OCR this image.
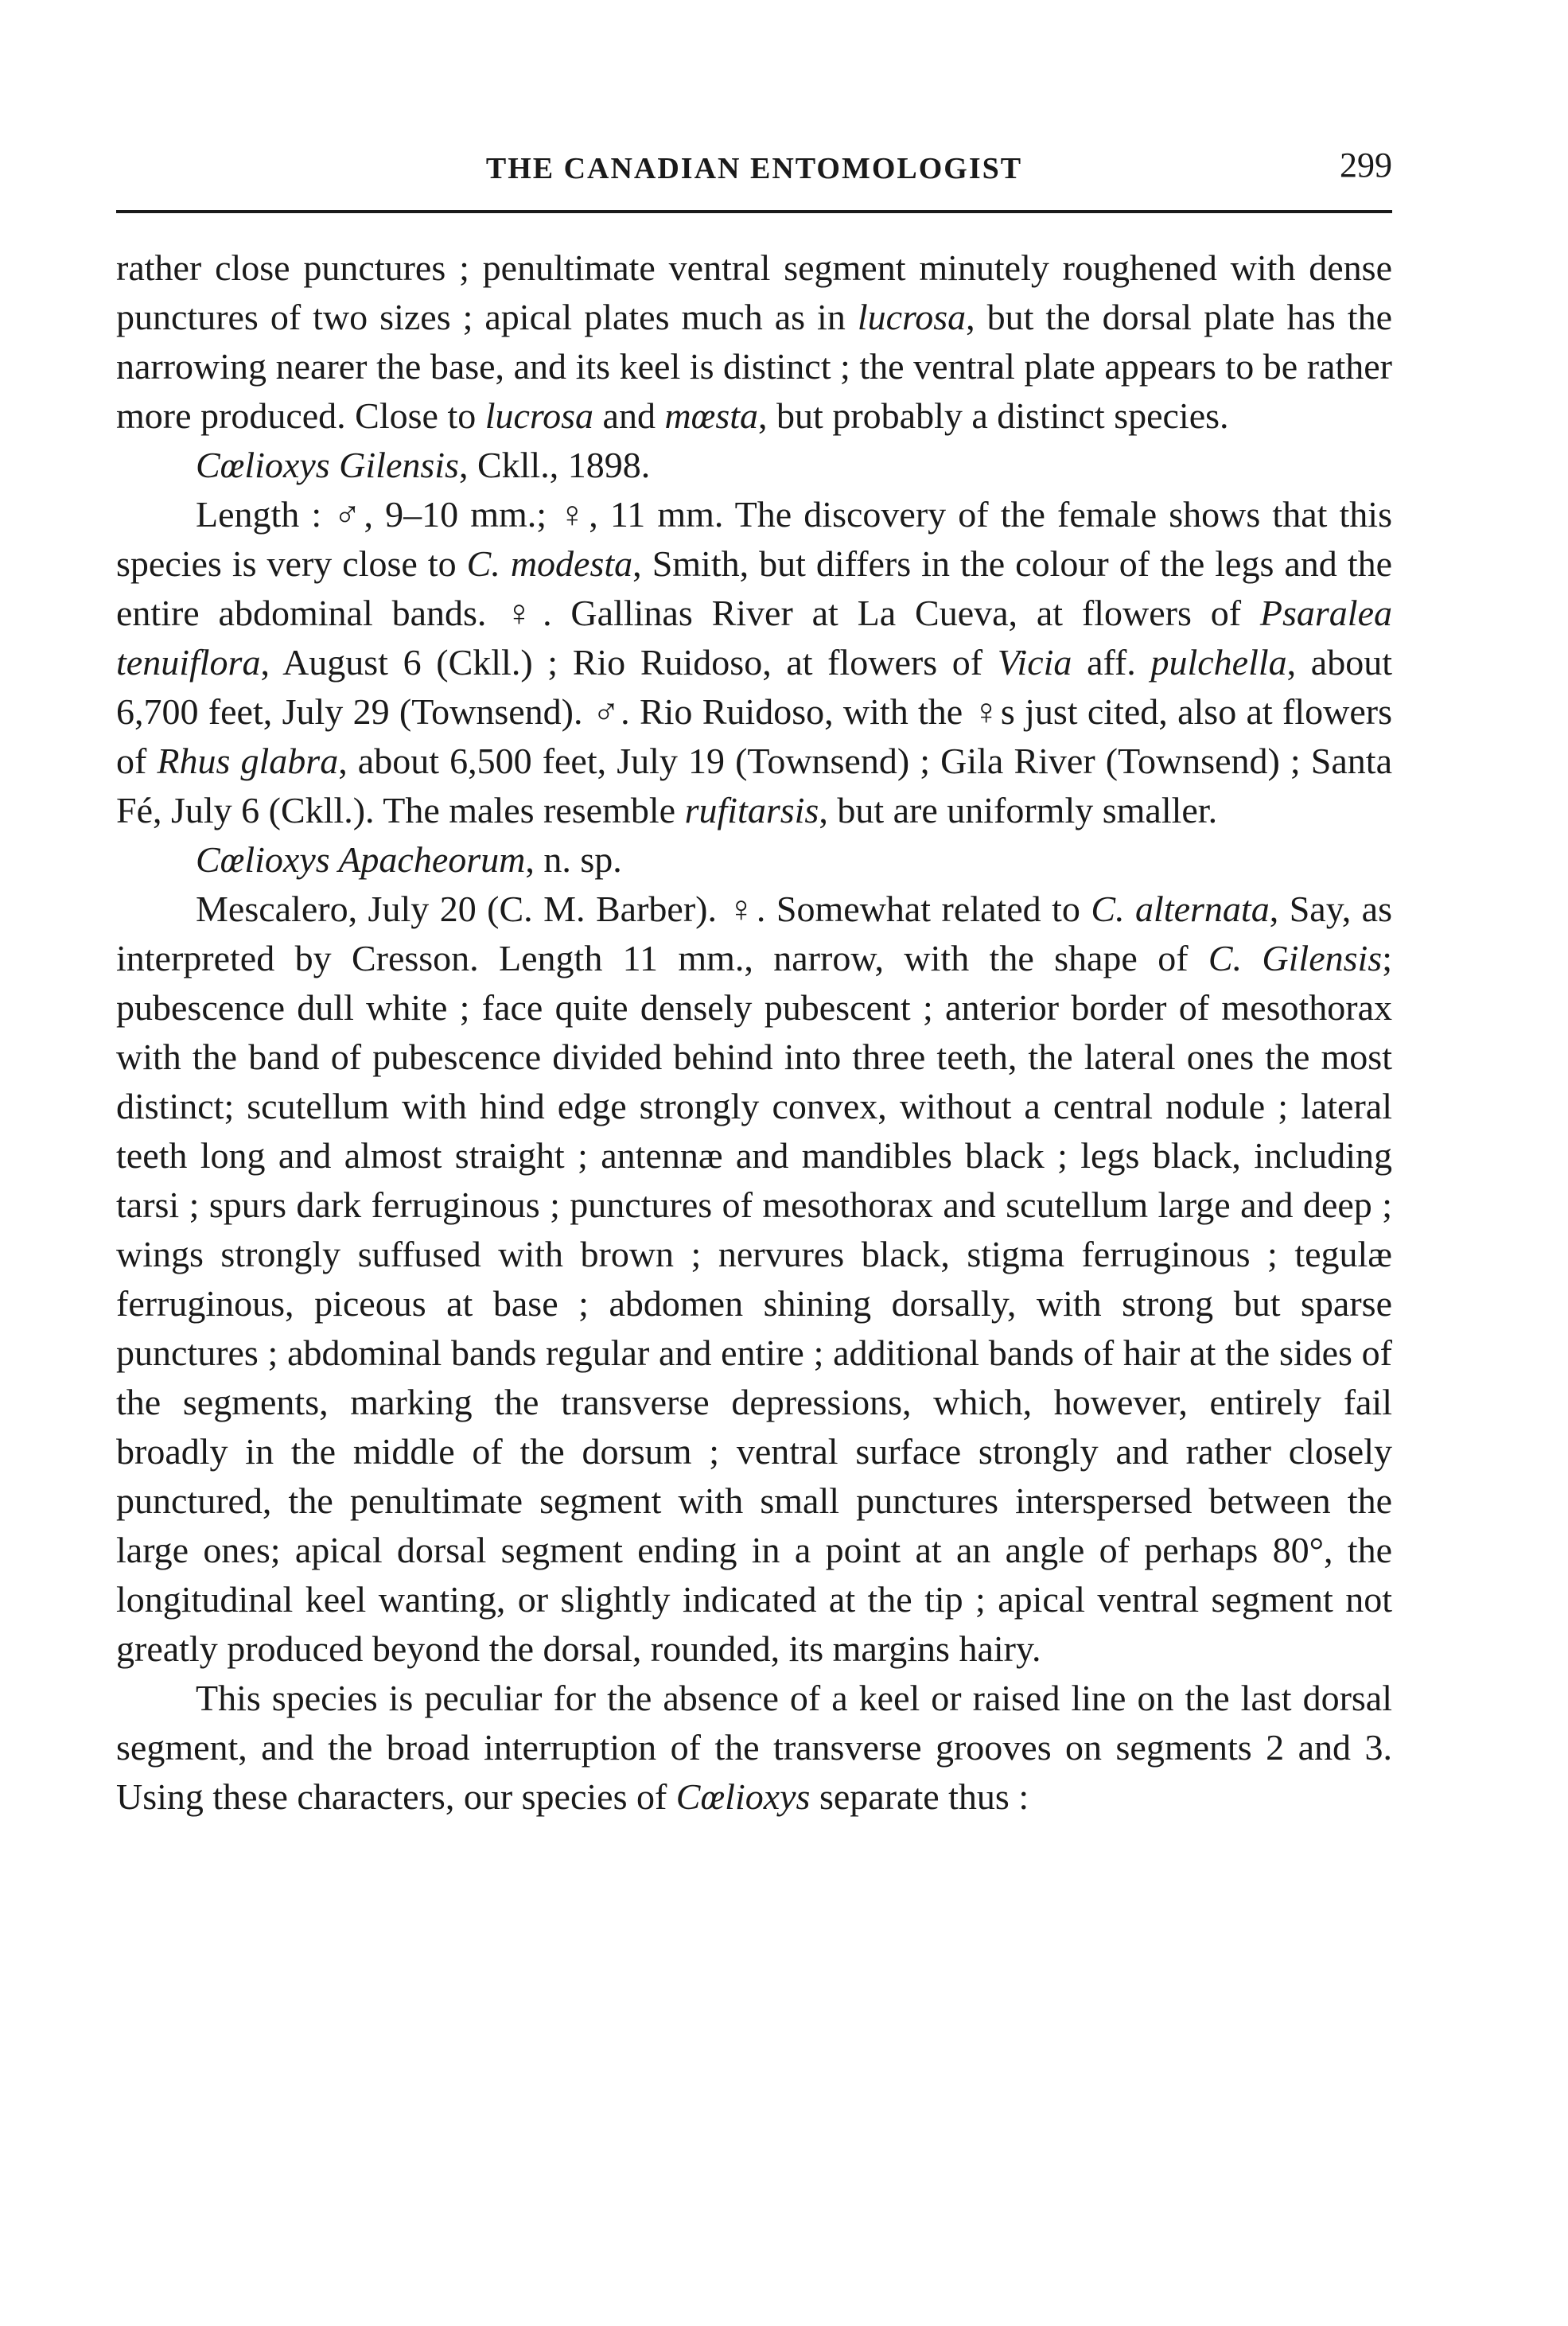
THE CANADIAN ENTOMOLOGIST	299

rather close punctures ; penultimate ventral segment minutely roughened with dense punctures of two sizes ; apical plates much as in lucrosa, but the dorsal plate has the narrowing nearer the base, and its keel is distinct ; the ventral plate appears to be rather more produced. Close to lucrosa and mœsta, but probably a distinct species.

Cœlioxys Gilensis, Ckll., 1898.

Length : ♂, 9–10 mm.; ♀, 11 mm. The discovery of the female shows that this species is very close to C. modesta, Smith, but differs in the colour of the legs and the entire abdominal bands. ♀. Gallinas River at La Cueva, at flowers of Psaralea tenuiflora, August 6 (Ckll.) ; Rio Ruidoso, at flowers of Vicia aff. pulchella, about 6,700 feet, July 29 (Townsend). ♂. Rio Ruidoso, with the ♀s just cited, also at flowers of Rhus glabra, about 6,500 feet, July 19 (Townsend) ; Gila River (Townsend) ; Santa Fé, July 6 (Ckll.). The males resemble rufitarsis, but are uniformly smaller.

Cœlioxys Apacheorum, n. sp.

Mescalero, July 20 (C. M. Barber). ♀. Somewhat related to C. alternata, Say, as interpreted by Cresson. Length 11 mm., narrow, with the shape of C. Gilensis; pubescence dull white ; face quite densely pubescent ; anterior border of mesothorax with the band of pubescence divided behind into three teeth, the lateral ones the most distinct; scutellum with hind edge strongly convex, without a central nodule ; lateral teeth long and almost straight ; antennæ and mandibles black ; legs black, including tarsi ; spurs dark ferruginous ; punctures of mesothorax and scutellum large and deep ; wings strongly suffused with brown ; nervures black, stigma ferruginous ; tegulæ ferruginous, piceous at base ; abdomen shining dorsally, with strong but sparse punctures ; abdominal bands regular and entire ; additional bands of hair at the sides of the segments, marking the transverse depressions, which, however, entirely fail broadly in the middle of the dorsum ; ventral surface strongly and rather closely punctured, the penultimate segment with small punctures interspersed between the large ones; apical dorsal segment ending in a point at an angle of perhaps 80°, the longitudinal keel wanting, or slightly indicated at the tip ; apical ventral segment not greatly produced beyond the dorsal, rounded, its margins hairy.

This species is peculiar for the absence of a keel or raised line on the last dorsal segment, and the broad interruption of the transverse grooves on segments 2 and 3. Using these characters, our species of Cœlioxys separate thus :
